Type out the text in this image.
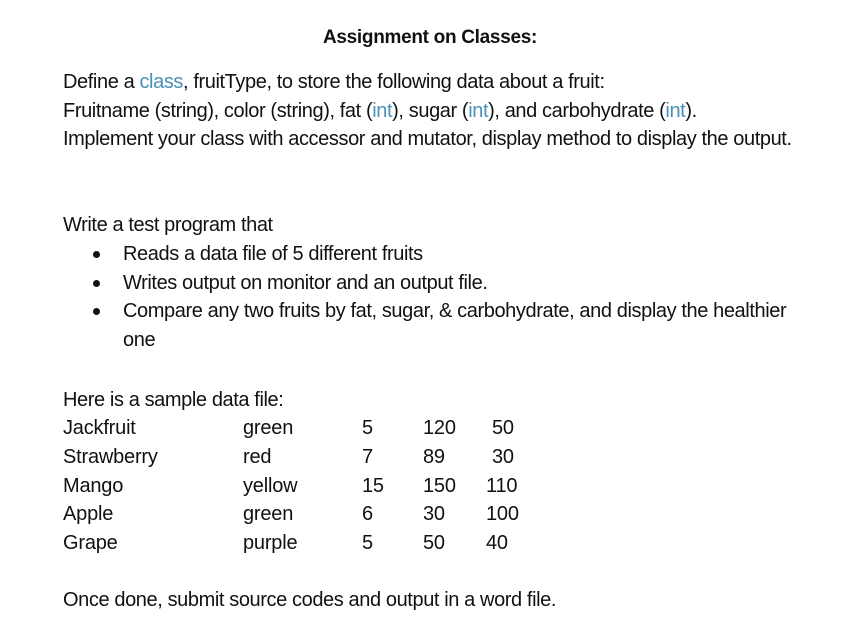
Assignment on Classes:
Define a class, fruitType, to store the following data about a fruit:
Fruitname (string), color (string), fat (int), sugar (int), and carbohydrate (int).
Implement your class with accessor and mutator, display method to display the output.
Write a test program that
Reads a data file of 5 different fruits
Writes output on monitor and an output file.
Compare any two fruits by fat, sugar, & carbohydrate, and display the healthier one
Here is a sample data file:
Jackfruit	green	5	120	50
Strawberry	red	7	89	30
Mango	yellow	15	150	110
Apple	green	6	30	100
Grape	purple	5	50	40
Once done, submit source codes and output in a word file.
